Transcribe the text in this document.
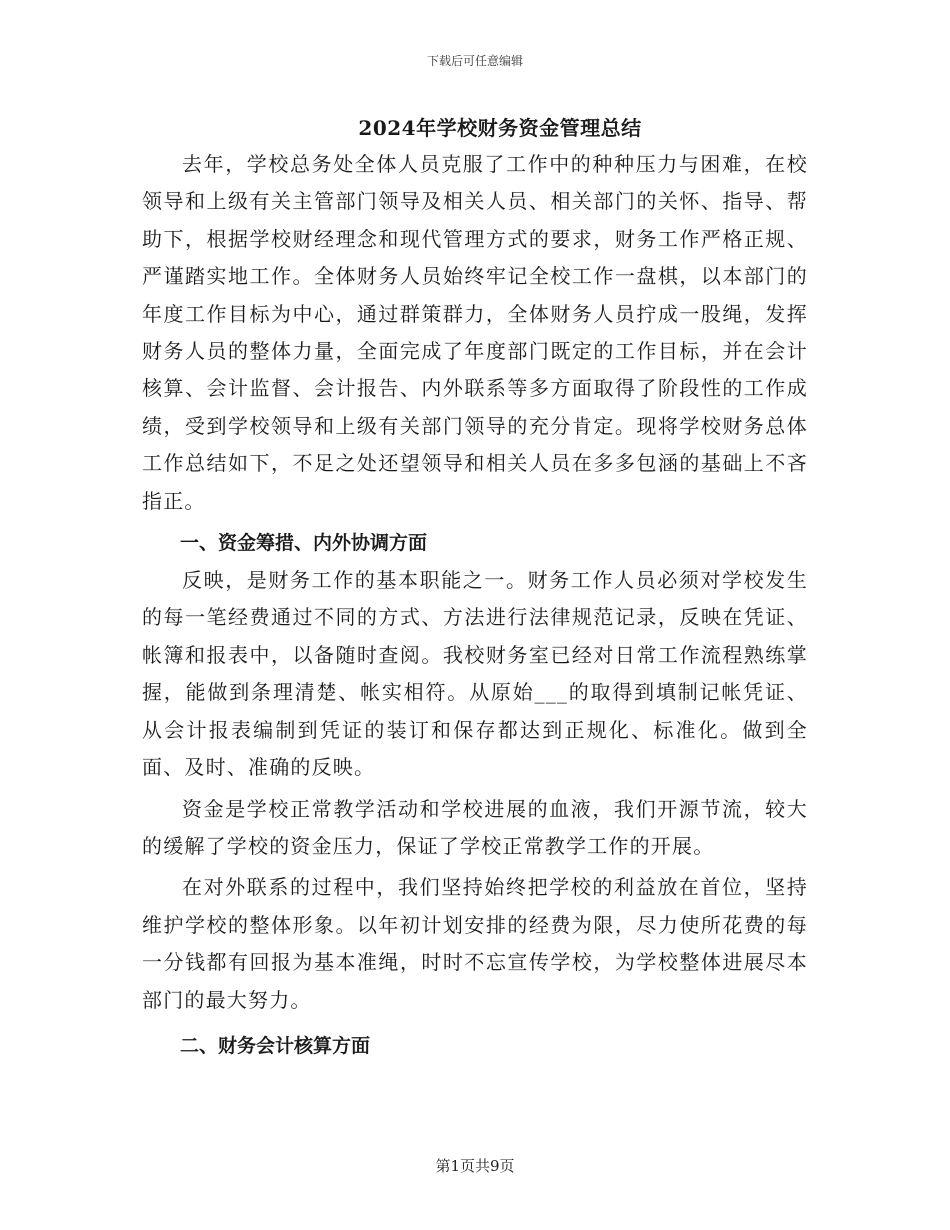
下载后可任意编辑
2024年学校财务资金管理总结

去年，学校总务处全体人员克服了工作中的种种压力与困难，在校领导和上级有关主管部门领导及相关人员、相关部门的关怀、指导、帮助下，根据学校财经理念和现代管理方式的要求，财务工作严格正规、严谨踏实地工作。全体财务人员始终牢记全校工作一盘棋，以本部门的年度工作目标为中心，通过群策群力，全体财务人员拧成一股绳，发挥财务人员的整体力量，全面完成了年度部门既定的工作目标，并在会计核算、会计监督、会计报告、内外联系等多方面取得了阶段性的工作成绩，受到学校领导和上级有关部门领导的充分肯定。现将学校财务总体工作总结如下，不足之处还望领导和相关人员在多多包涵的基础上不吝指正。

一、资金筹措、内外协调方面

反映，是财务工作的基本职能之一。财务工作人员必须对学校发生的每一笔经费通过不同的方式、方法进行法律规范记录，反映在凭证、帐簿和报表中，以备随时查阅。我校财务室已经对日常工作流程熟练掌握，能做到条理清楚、帐实相符。从原始___的取得到填制记帐凭证、从会计报表编制到凭证的装订和保存都达到正规化、标准化。做到全面、及时、准确的反映。

资金是学校正常教学活动和学校进展的血液，我们开源节流，较大的缓解了学校的资金压力，保证了学校正常教学工作的开展。

在对外联系的过程中，我们坚持始终把学校的利益放在首位，坚持维护学校的整体形象。以年初计划安排的经费为限，尽力使所花费的每一分钱都有回报为基本准绳，时时不忘宣传学校，为学校整体进展尽本部门的最大努力。

二、财务会计核算方面
第1页共9页
